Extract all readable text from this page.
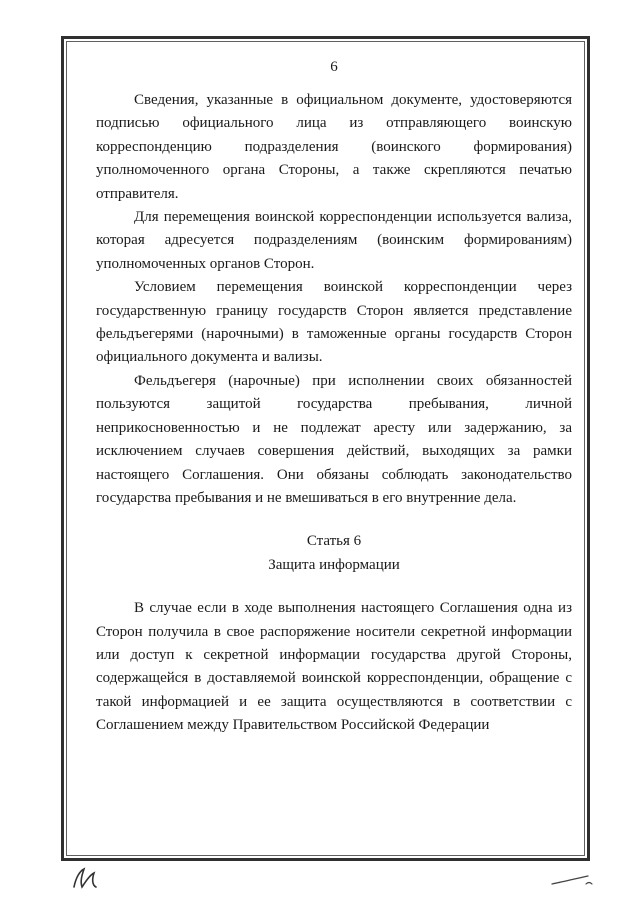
6

Сведения, указанные в официальном документе, удостоверяются подписью официального лица из отправляющего воинскую корреспонденцию подразделения (воинского формирования) уполномоченного органа Стороны, а также скрепляются печатью отправителя.

Для перемещения воинской корреспонденции используется вализа, которая адресуется подразделениям (воинским формированиям) уполномоченных органов Сторон.

Условием перемещения воинской корреспонденции через государственную границу государств Сторон является представление фельдъегерями (нарочными) в таможенные органы государств Сторон официального документа и вализы.

Фельдъегеря (нарочные) при исполнении своих обязанностей пользуются защитой государства пребывания, личной неприкосновенностью и не подлежат аресту или задержанию, за исключением случаев совершения действий, выходящих за рамки настоящего Соглашения. Они обязаны соблюдать законодательство государства пребывания и не вмешиваться в его внутренние дела.

Статья 6
Защита информации

В случае если в ходе выполнения настоящего Соглашения одна из Сторон получила в свое распоряжение носители секретной информации или доступ к секретной информации государства другой Стороны, содержащейся в доставляемой воинской корреспонденции, обращение с такой информацией и ее защита осуществляются в соответствии с Соглашением между Правительством Российской Федерации
